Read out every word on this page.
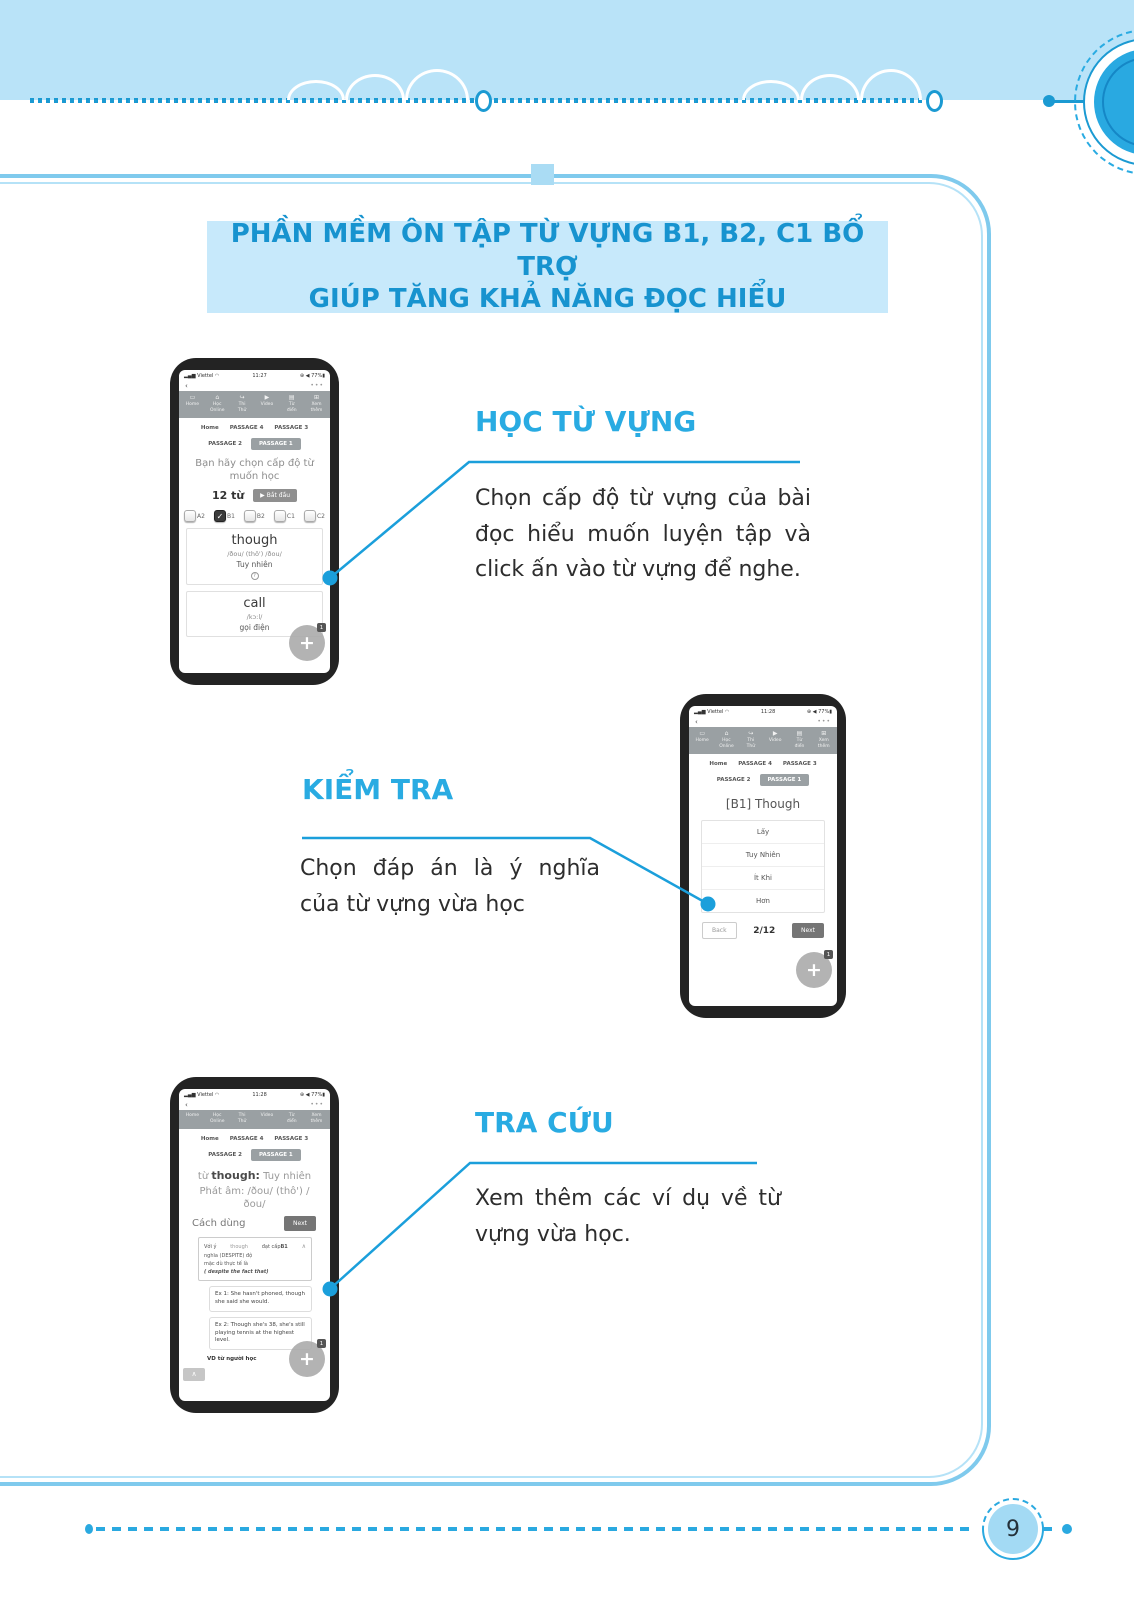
PHẦN MỀM ÔN TẬP TỪ VỰNG B1, B2, C1 BỔ TRỢ
GIÚP TĂNG KHẢ NĂNG ĐỌC HIỂU
HỌC TỪ VỰNG
Chọn cấp độ từ vựng của bài đọc hiểu muốn luyện tập và click ấn vào từ vựng để nghe.
KIỂM TRA
Chọn đáp án là ý nghĩa của từ vựng vừa học
TRA CỨU
Xem thêm các ví dụ về từ vựng vừa học.
▂▄▆ Viettel ◠	11:27	⊕ ◀ 77%▮
‹	•••
▭
Home
⌂
Học
Online
↪
Thi
Thử
▶
Video
▤
Từ
điển
⊞
Xem
thêm
Home PASSAGE 4 PASSAGE 3
PASSAGE 2	PASSAGE 1
Bạn hãy chọn cấp độ từ muốn học
12 từ	▶ Bắt đầu
A2 ✓ B1	B2	C1	C2
though
/ðou/ (thô') /ðou/
Tuy nhiên
?
call
/kɔ:l/
gọi điện
+
1
▂▄▆ Viettel ◠	11:28	⊕ ◀ 77%▮
‹	•••
▭
Home
⌂
Học
Online
↪
Thi
Thử
▶
Video
▤
Từ
điển
⊞
Xem
thêm
Home PASSAGE 4 PASSAGE 3
PASSAGE 2	PASSAGE 1
[B1] Though
Lấy
Tuy Nhiên
Ít Khi
Hơn
Back	2/12	Next
+
1
▂▄▆ Viettel ◠	11:28	⊕ ◀ 77%▮
‹	•••
Home	Học
Online
Thi
Thử
Video	Từ
điển
Xem
thêm
Home PASSAGE 4 PASSAGE 3
PASSAGE 2	PASSAGE 1
từ though: Tuy nhiên
Phát âm: /ðou/ (thô') / ðou/
Cách dùng	Next
Với ý	though	đạt cấpB1 ∧
nghĩa (DESPITE) độ
mặc dù thực tế là
( despite the fact that)
Ex 1: She hasn't phoned, though she said she would.
Ex 2: Though she's 38, she's still playing tennis at the highest level.
VD từ người học
∧
+
1
9
